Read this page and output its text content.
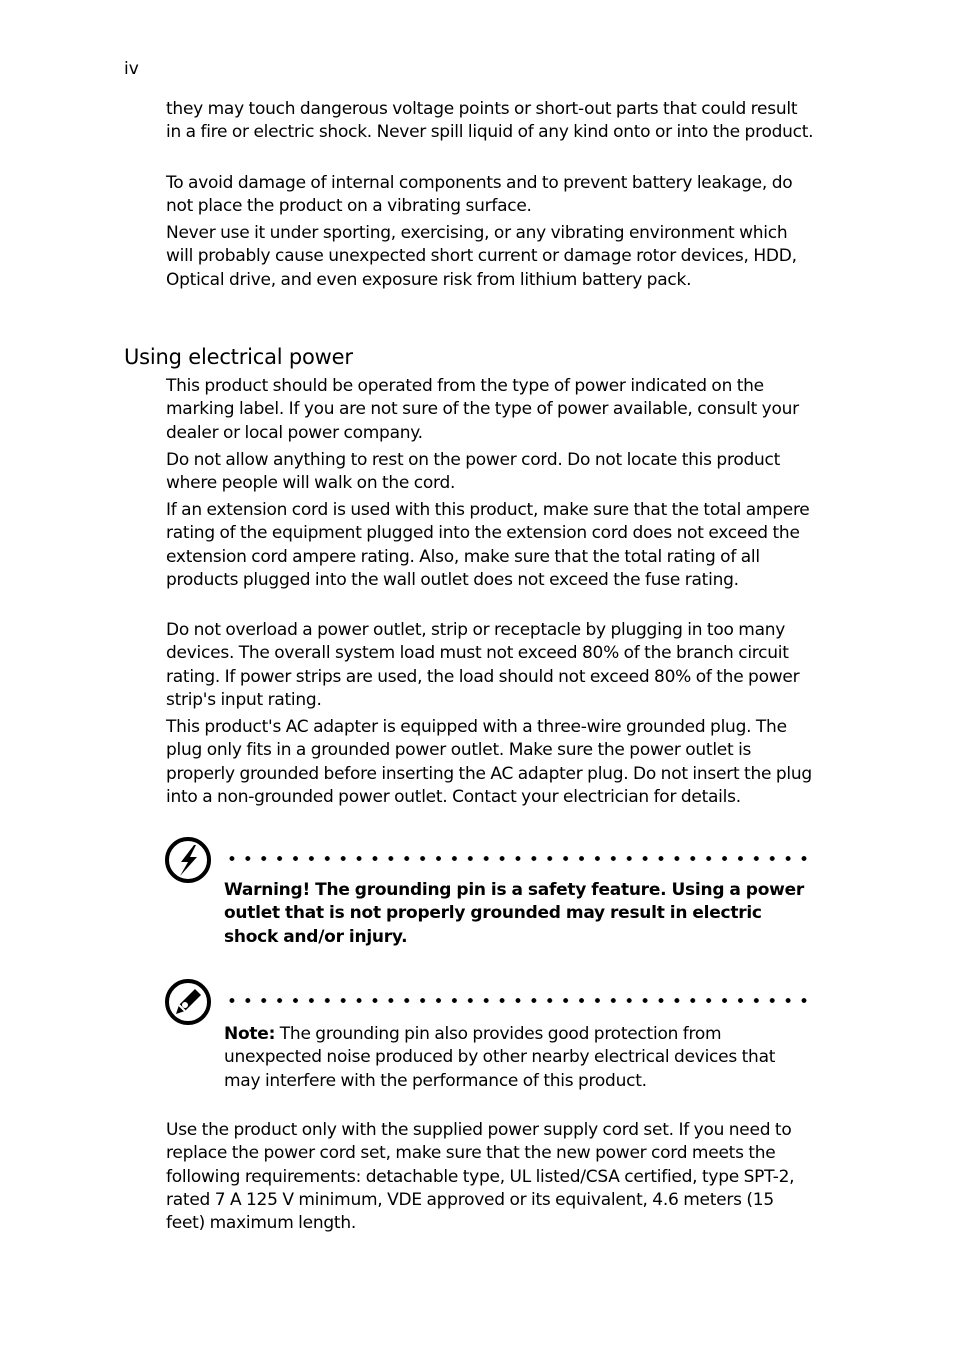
iv

they may touch dangerous voltage points or short-out parts that could result in a fire or electric shock. Never spill liquid of any kind onto or into the product.

To avoid damage of internal components and to prevent battery leakage, do not place the product on a vibrating surface.

Never use it under sporting, exercising, or any vibrating environment which will probably cause unexpected short current or damage rotor devices, HDD, Optical drive, and even exposure risk from lithium battery pack.

Using electrical power

This product should be operated from the type of power indicated on the marking label. If you are not sure of the type of power available, consult your dealer or local power company.

Do not allow anything to rest on the power cord. Do not locate this product where people will walk on the cord.

If an extension cord is used with this product, make sure that the total ampere rating of the equipment plugged into the extension cord does not exceed the extension cord ampere rating. Also, make sure that the total rating of all products plugged into the wall outlet does not exceed the fuse rating.

Do not overload a power outlet, strip or receptacle by plugging in too many devices. The overall system load must not exceed 80% of the branch circuit rating. If power strips are used, the load should not exceed 80% of the power strip's input rating.

This product's AC adapter is equipped with a three-wire grounded plug. The plug only fits in a grounded power outlet. Make sure the power outlet is properly grounded before inserting the AC adapter plug. Do not insert the plug into a non-grounded power outlet. Contact your electrician for details.

Warning! The grounding pin is a safety feature. Using a power outlet that is not properly grounded may result in electric shock and/or injury.

Note: The grounding pin also provides good protection from unexpected noise produced by other nearby electrical devices that may interfere with the performance of this product.

Use the product only with the supplied power supply cord set. If you need to replace the power cord set, make sure that the new power cord meets the following requirements: detachable type, UL listed/CSA certified, type SPT-2, rated 7 A 125 V minimum, VDE approved or its equivalent, 4.6 meters (15 feet) maximum length.
